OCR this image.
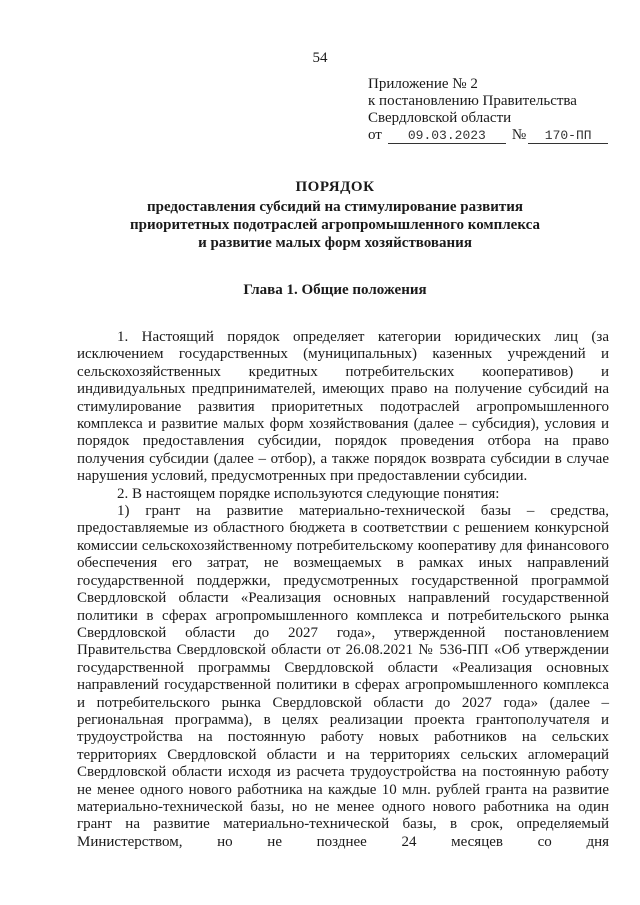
54
Приложение № 2
к постановлению Правительства
Свердловской области
от 09.03.2023 № 170-ПП
ПОРЯДОК
предоставления субсидий на стимулирование развития
приоритетных подотраслей агропромышленного комплекса
и развитие малых форм хозяйствования
Глава 1. Общие положения

1. Настоящий порядок определяет категории юридических лиц (за исключением государственных (муниципальных) казенных учреждений и сельскохозяйственных кредитных потребительских кооперативов) и индивидуальных предпринимателей, имеющих право на получение субсидий на стимулирование развития приоритетных подотраслей агропромышленного комплекса и развитие малых форм хозяйствования (далее – субсидия), условия и порядок предоставления субсидии, порядок проведения отбора на право получения субсидии (далее – отбор), а также порядок возврата субсидии в случае нарушения условий, предусмотренных при предоставлении субсидии.

2. В настоящем порядке используются следующие понятия:

1) грант на развитие материально-технической базы – средства, предоставляемые из областного бюджета в соответствии с решением конкурсной комиссии сельскохозяйственному потребительскому кооперативу для финансового обеспечения его затрат, не возмещаемых в рамках иных направлений государственной поддержки, предусмотренных государственной программой Свердловской области «Реализация основных направлений государственной политики в сферах агропромышленного комплекса и потребительского рынка Свердловской области до 2027 года», утвержденной постановлением Правительства Свердловской области от 26.08.2021 № 536-ПП «Об утверждении государственной программы Свердловской области «Реализация основных направлений государственной политики в сферах агропромышленного комплекса и потребительского рынка Свердловской области до 2027 года» (далее – региональная программа), в целях реализации проекта грантополучателя и трудоустройства на постоянную работу новых работников на сельских территориях Свердловской области и на территориях сельских агломераций Свердловской области исходя из расчета трудоустройства на постоянную работу не менее одного нового работника на каждые 10 млн. рублей гранта на развитие материально-технической базы, но не менее одного нового работника на один грант на развитие материально-технической базы, в срок, определяемый Министерством, но не позднее 24 месяцев со дня
